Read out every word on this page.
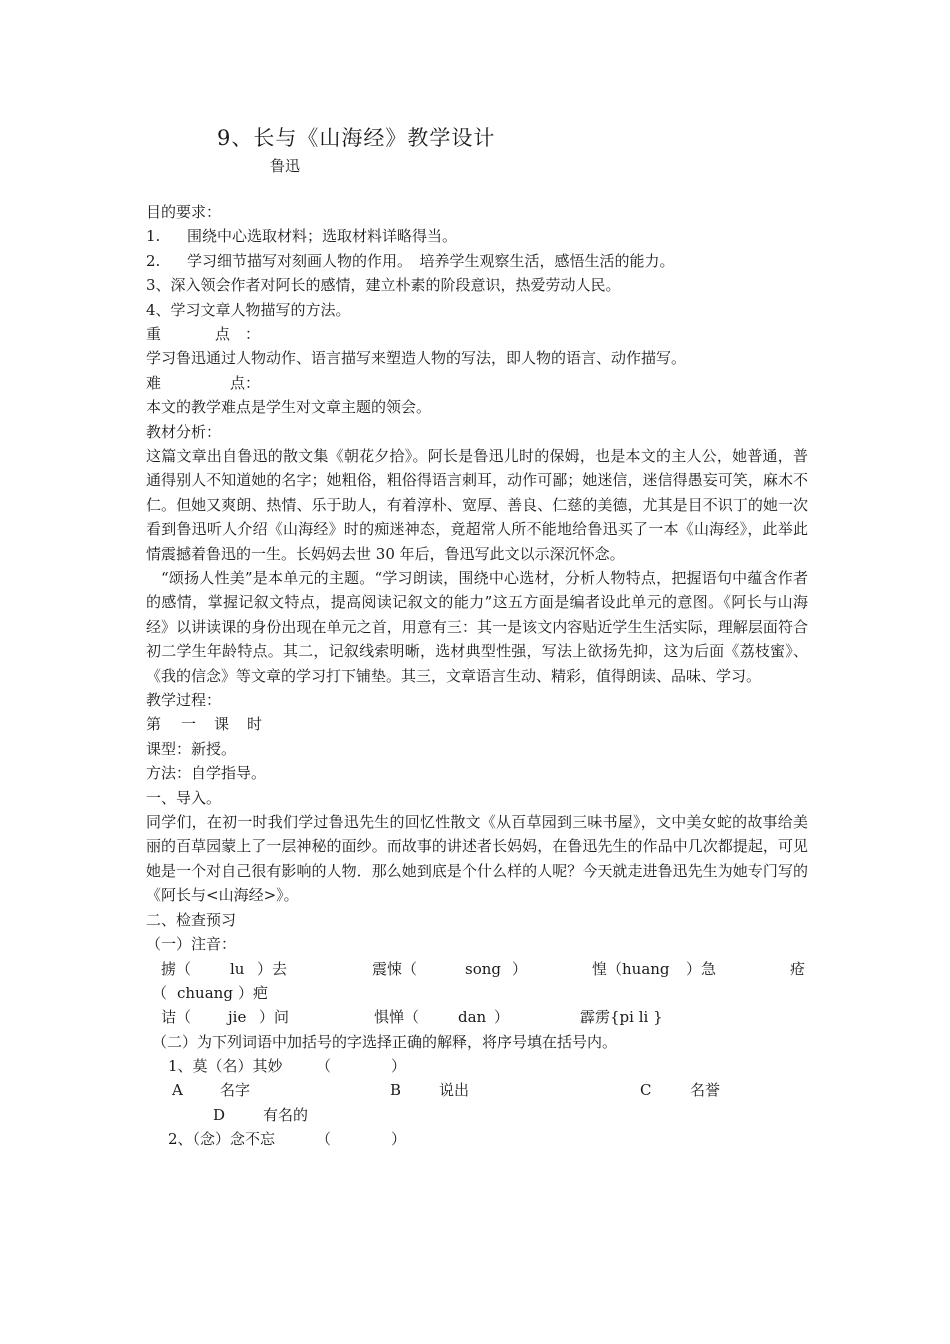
9、长与《山海经》教学设计
鲁迅

目的要求：

1. 围绕中心选取材料；选取材料详略得当。
2. 学习细节描写对刻画人物的作用。　培养学生观察生活，感悟生活的能力。

3、深入领会作者对阿长的感情，建立朴素的阶段意识，热爱劳动人民。

4、学习文章人物描写的方法。

重	点 ：

学习鲁迅通过人物动作、语言描写来塑造人物的写法，即人物的语言、动作描写。

难	点：

本文的教学难点是学生对文章主题的领会。

教材分析：

这篇文章出自鲁迅的散文集《朝花夕拾》。阿长是鲁迅儿时的保姆，也是本文的主人公，她普通，普通得别人不知道她的名字；她粗俗，粗俗得语言刺耳，动作可鄙；她迷信，迷信得愚妄可笑，麻木不仁。但她又爽朗、热情、乐于助人，有着淳朴、宽厚、善良、仁慈的美德，尤其是目不识丁的她一次看到鲁迅听人介绍《山海经》时的痴迷神态，竟超常人所不能地给鲁迅买了一本《山海经》，此举此情震撼着鲁迅的一生。长妈妈去世 30 年后，鲁迅写此文以示深沉怀念。

“颂扬人性美”是本单元的主题。“学习朗读，围绕中心选材，分析人物特点，把握语句中蕴含作者的感情，掌握记叙文特点，提高阅读记叙文的能力”这五方面是编者设此单元的意图。《阿长与山海经》以讲读课的身份出现在单元之首，用意有三：其一是该文内容贴近学生生活实际，理解层面符合初二学生年龄特点。其二，记叙线索明晰，选材典型性强，写法上欲扬先抑，这为后面《荔枝蜜》、《我的信念》等文章的学习打下铺垫。其三，文章语言生动、精彩，值得朗读、品味、学习。

教学过程：

第 一 课 时

课型：新授。

方法：自学指导。

一、导入。

同学们，在初一时我们学过鲁迅先生的回忆性散文《从百草园到三味书屋》，文中美女蛇的故事给美丽的百草园蒙上了一层神秘的面纱。而故事的讲述者长妈妈，在鲁迅先生的作品中几次都提起，可见她是一个对自己很有影响的人物．那么她到底是个什么样的人呢？今天就走进鲁迅先生为她专门写的《阿长与<山海经>》。

二、检查预习

（一）注音：

掳（	lu ）去	震悚（	song ）	惶（huang ）急	疮
（ chuang ）疤
诘（ jie ）问	惧惮（	dan ）	霹雳{pi li }

（二）为下列词语中加括号的字选择正确的解释，将序号填在括号内。

1、莫（名）其妙 （　　　　）
A 名字	B	说出	C	名誉
D	有名的
2、（念）念不忘	（　　　　）
